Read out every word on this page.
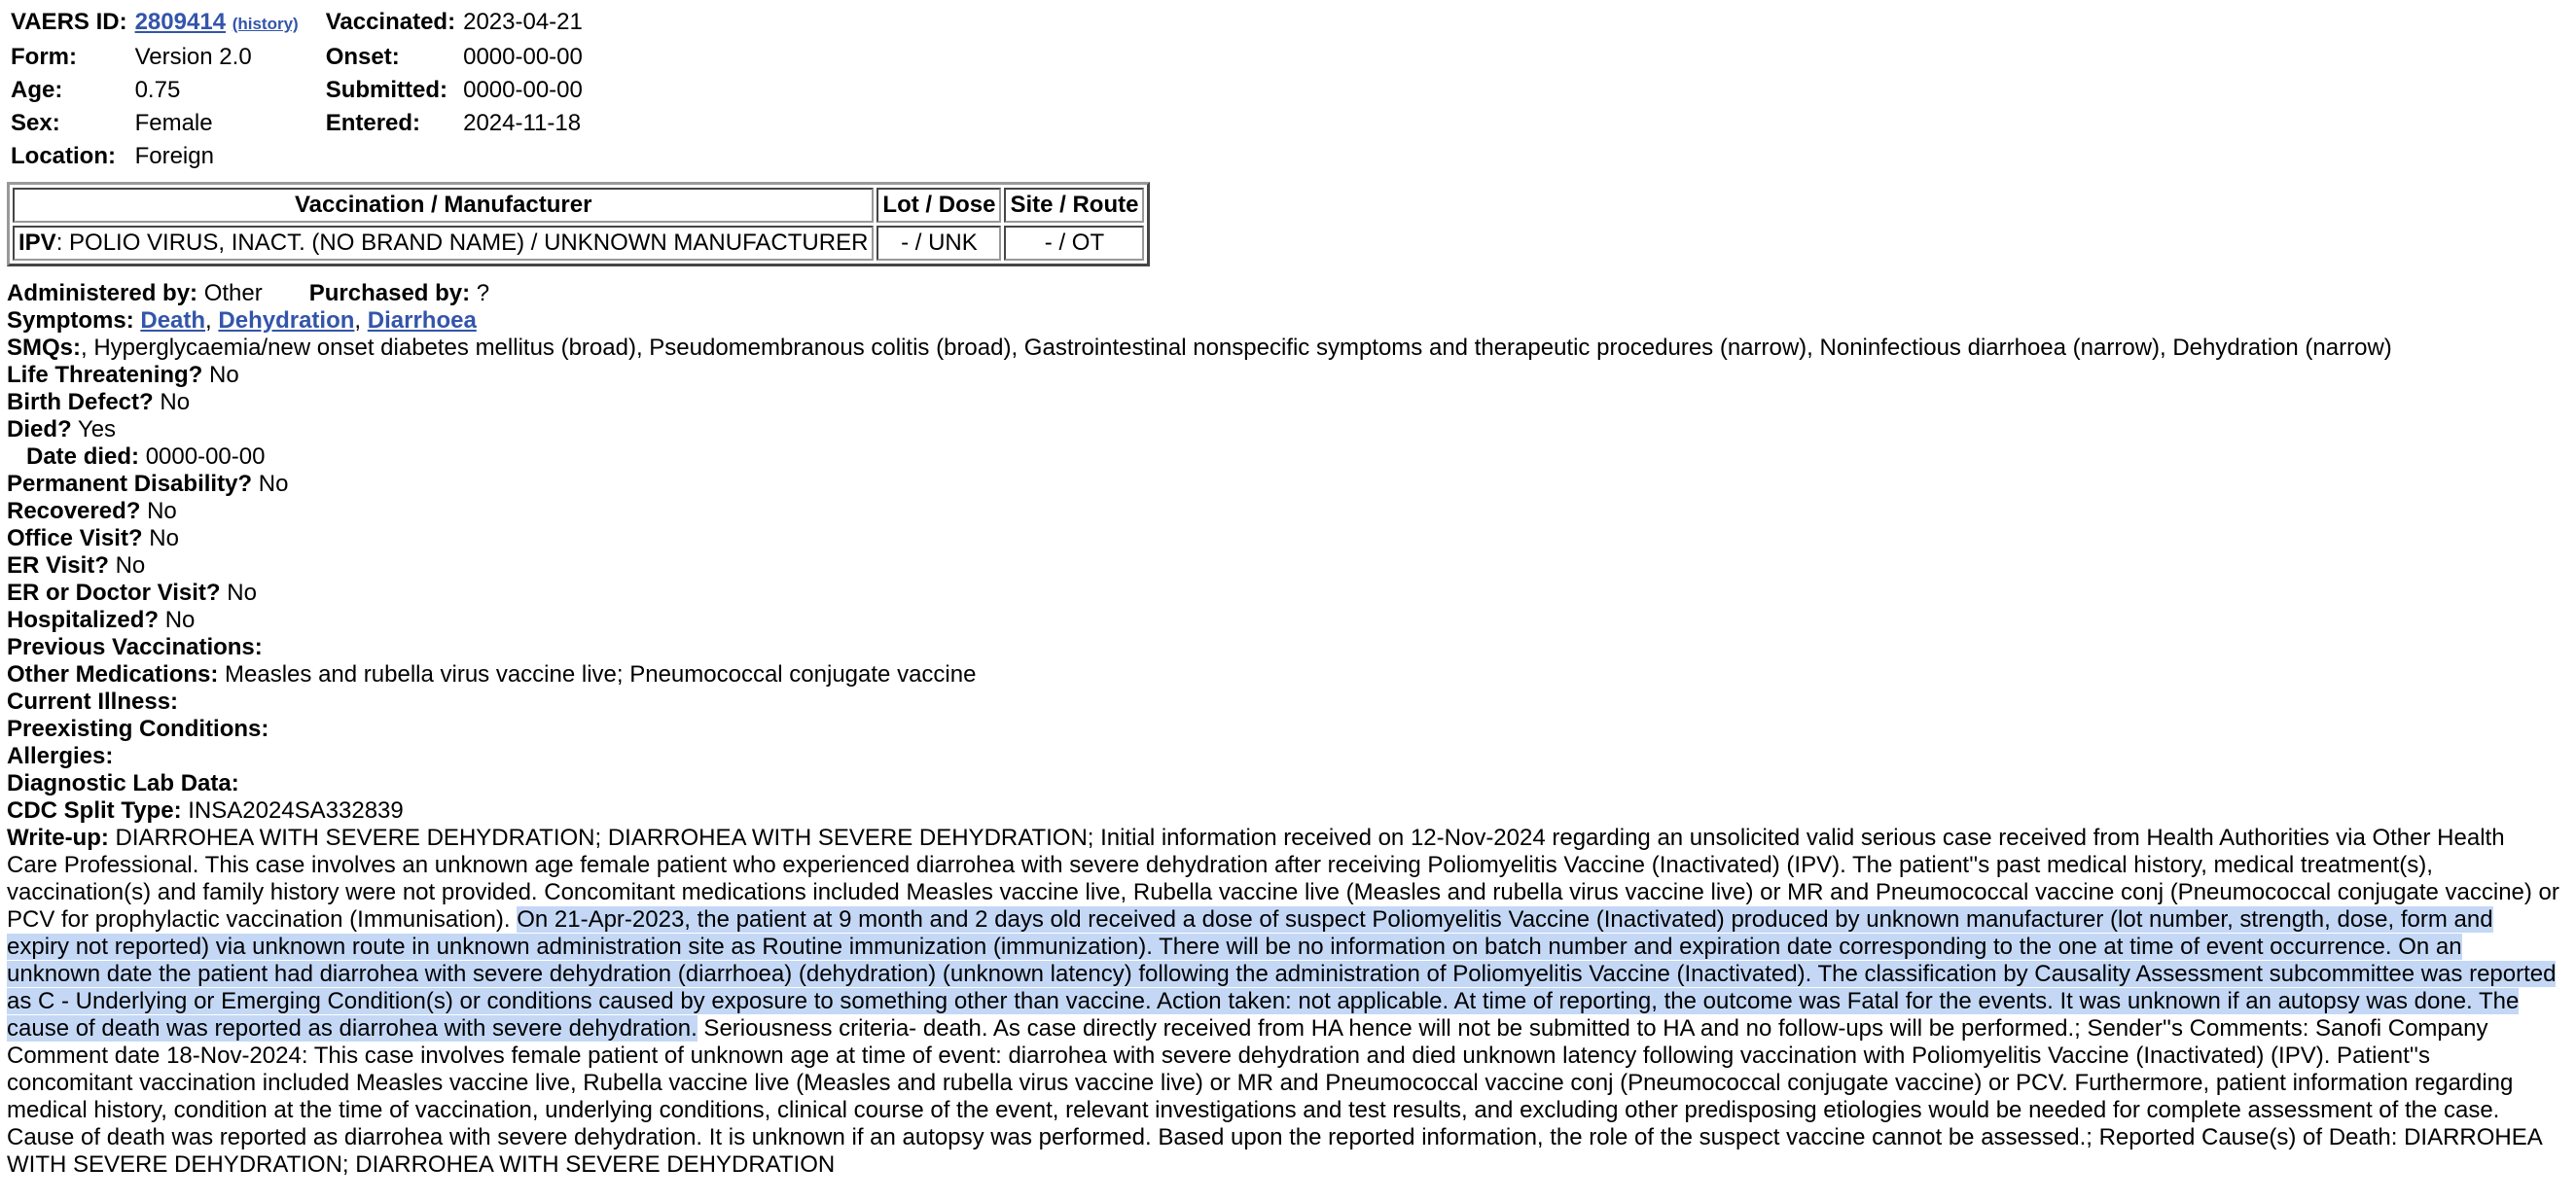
VAERS ID:	2809414 (history)	Vaccinated:	2023-04-21
Form:	Version 2.0	Onset:	0000-00-00
Age:	0.75	Submitted:	0000-00-00
Sex:	Female	Entered:	2024-11-18
Location:	Foreign		
Vaccination / Manufacturer	Lot / Dose	Site / Route
IPV: POLIO VIRUS, INACT. (NO BRAND NAME) / UNKNOWN MANUFACTURER	- / UNK	- / OT
Administered by: Other Purchased by: ?
Symptoms: Death, Dehydration, Diarrhoea
SMQs:, Hyperglycaemia/new onset diabetes mellitus (broad), Pseudomembranous colitis (broad), Gastrointestinal nonspecific symptoms and therapeutic procedures (narrow), Noninfectious diarrhoea (narrow), Dehydration (narrow)
Life Threatening? No
Birth Defect? No
Died? Yes
Date died: 0000-00-00
Permanent Disability? No
Recovered? No
Office Visit? No
ER Visit? No
ER or Doctor Visit? No
Hospitalized? No
Previous Vaccinations:
Other Medications: Measles and rubella virus vaccine live; Pneumococcal conjugate vaccine
Current Illness:
Preexisting Conditions:
Allergies:
Diagnostic Lab Data:
CDC Split Type: INSA2024SA332839
Write-up: DIARROHEA WITH SEVERE DEHYDRATION; DIARROHEA WITH SEVERE DEHYDRATION; Initial information received on 12-Nov-2024 regarding an unsolicited valid serious case received from Health Authorities via Other Health Care Professional. This case involves an unknown age female patient who experienced diarrohea with severe dehydration after receiving Poliomyelitis Vaccine (Inactivated) (IPV). The patient''s past medical history, medical treatment(s), vaccination(s) and family history were not provided. Concomitant medications included Measles vaccine live, Rubella vaccine live (Measles and rubella virus vaccine live) or MR and Pneumococcal vaccine conj (Pneumococcal conjugate vaccine) or PCV for prophylactic vaccination (Immunisation). On 21-Apr-2023, the patient at 9 month and 2 days old received a dose of suspect Poliomyelitis Vaccine (Inactivated) produced by unknown manufacturer (lot number, strength, dose, form and expiry not reported) via unknown route in unknown administration site as Routine immunization (immunization). There will be no information on batch number and expiration date corresponding to the one at time of event occurrence. On an unknown date the patient had diarrohea with severe dehydration (diarrhoea) (dehydration) (unknown latency) following the administration of Poliomyelitis Vaccine (Inactivated). The classification by Causality Assessment subcommittee was reported as C - Underlying or Emerging Condition(s) or conditions caused by exposure to something other than vaccine. Action taken: not applicable. At time of reporting, the outcome was Fatal for the events. It was unknown if an autopsy was done. The cause of death was reported as diarrohea with severe dehydration. Seriousness criteria- death. As case directly received from HA hence will not be submitted to HA and no follow-ups will be performed.; Sender''s Comments: Sanofi Company Comment date 18-Nov-2024: This case involves female patient of unknown age at time of event: diarrohea with severe dehydration and died unknown latency following vaccination with Poliomyelitis Vaccine (Inactivated) (IPV). Patient''s concomitant vaccination included Measles vaccine live, Rubella vaccine live (Measles and rubella virus vaccine live) or MR and Pneumococcal vaccine conj (Pneumococcal conjugate vaccine) or PCV. Furthermore, patient information regarding medical history, condition at the time of vaccination, underlying conditions, clinical course of the event, relevant investigations and test results, and excluding other predisposing etiologies would be needed for complete assessment of the case. Cause of death was reported as diarrohea with severe dehydration. It is unknown if an autopsy was performed. Based upon the reported information, the role of the suspect vaccine cannot be assessed.; Reported Cause(s) of Death: DIARROHEA WITH SEVERE DEHYDRATION; DIARROHEA WITH SEVERE DEHYDRATION
